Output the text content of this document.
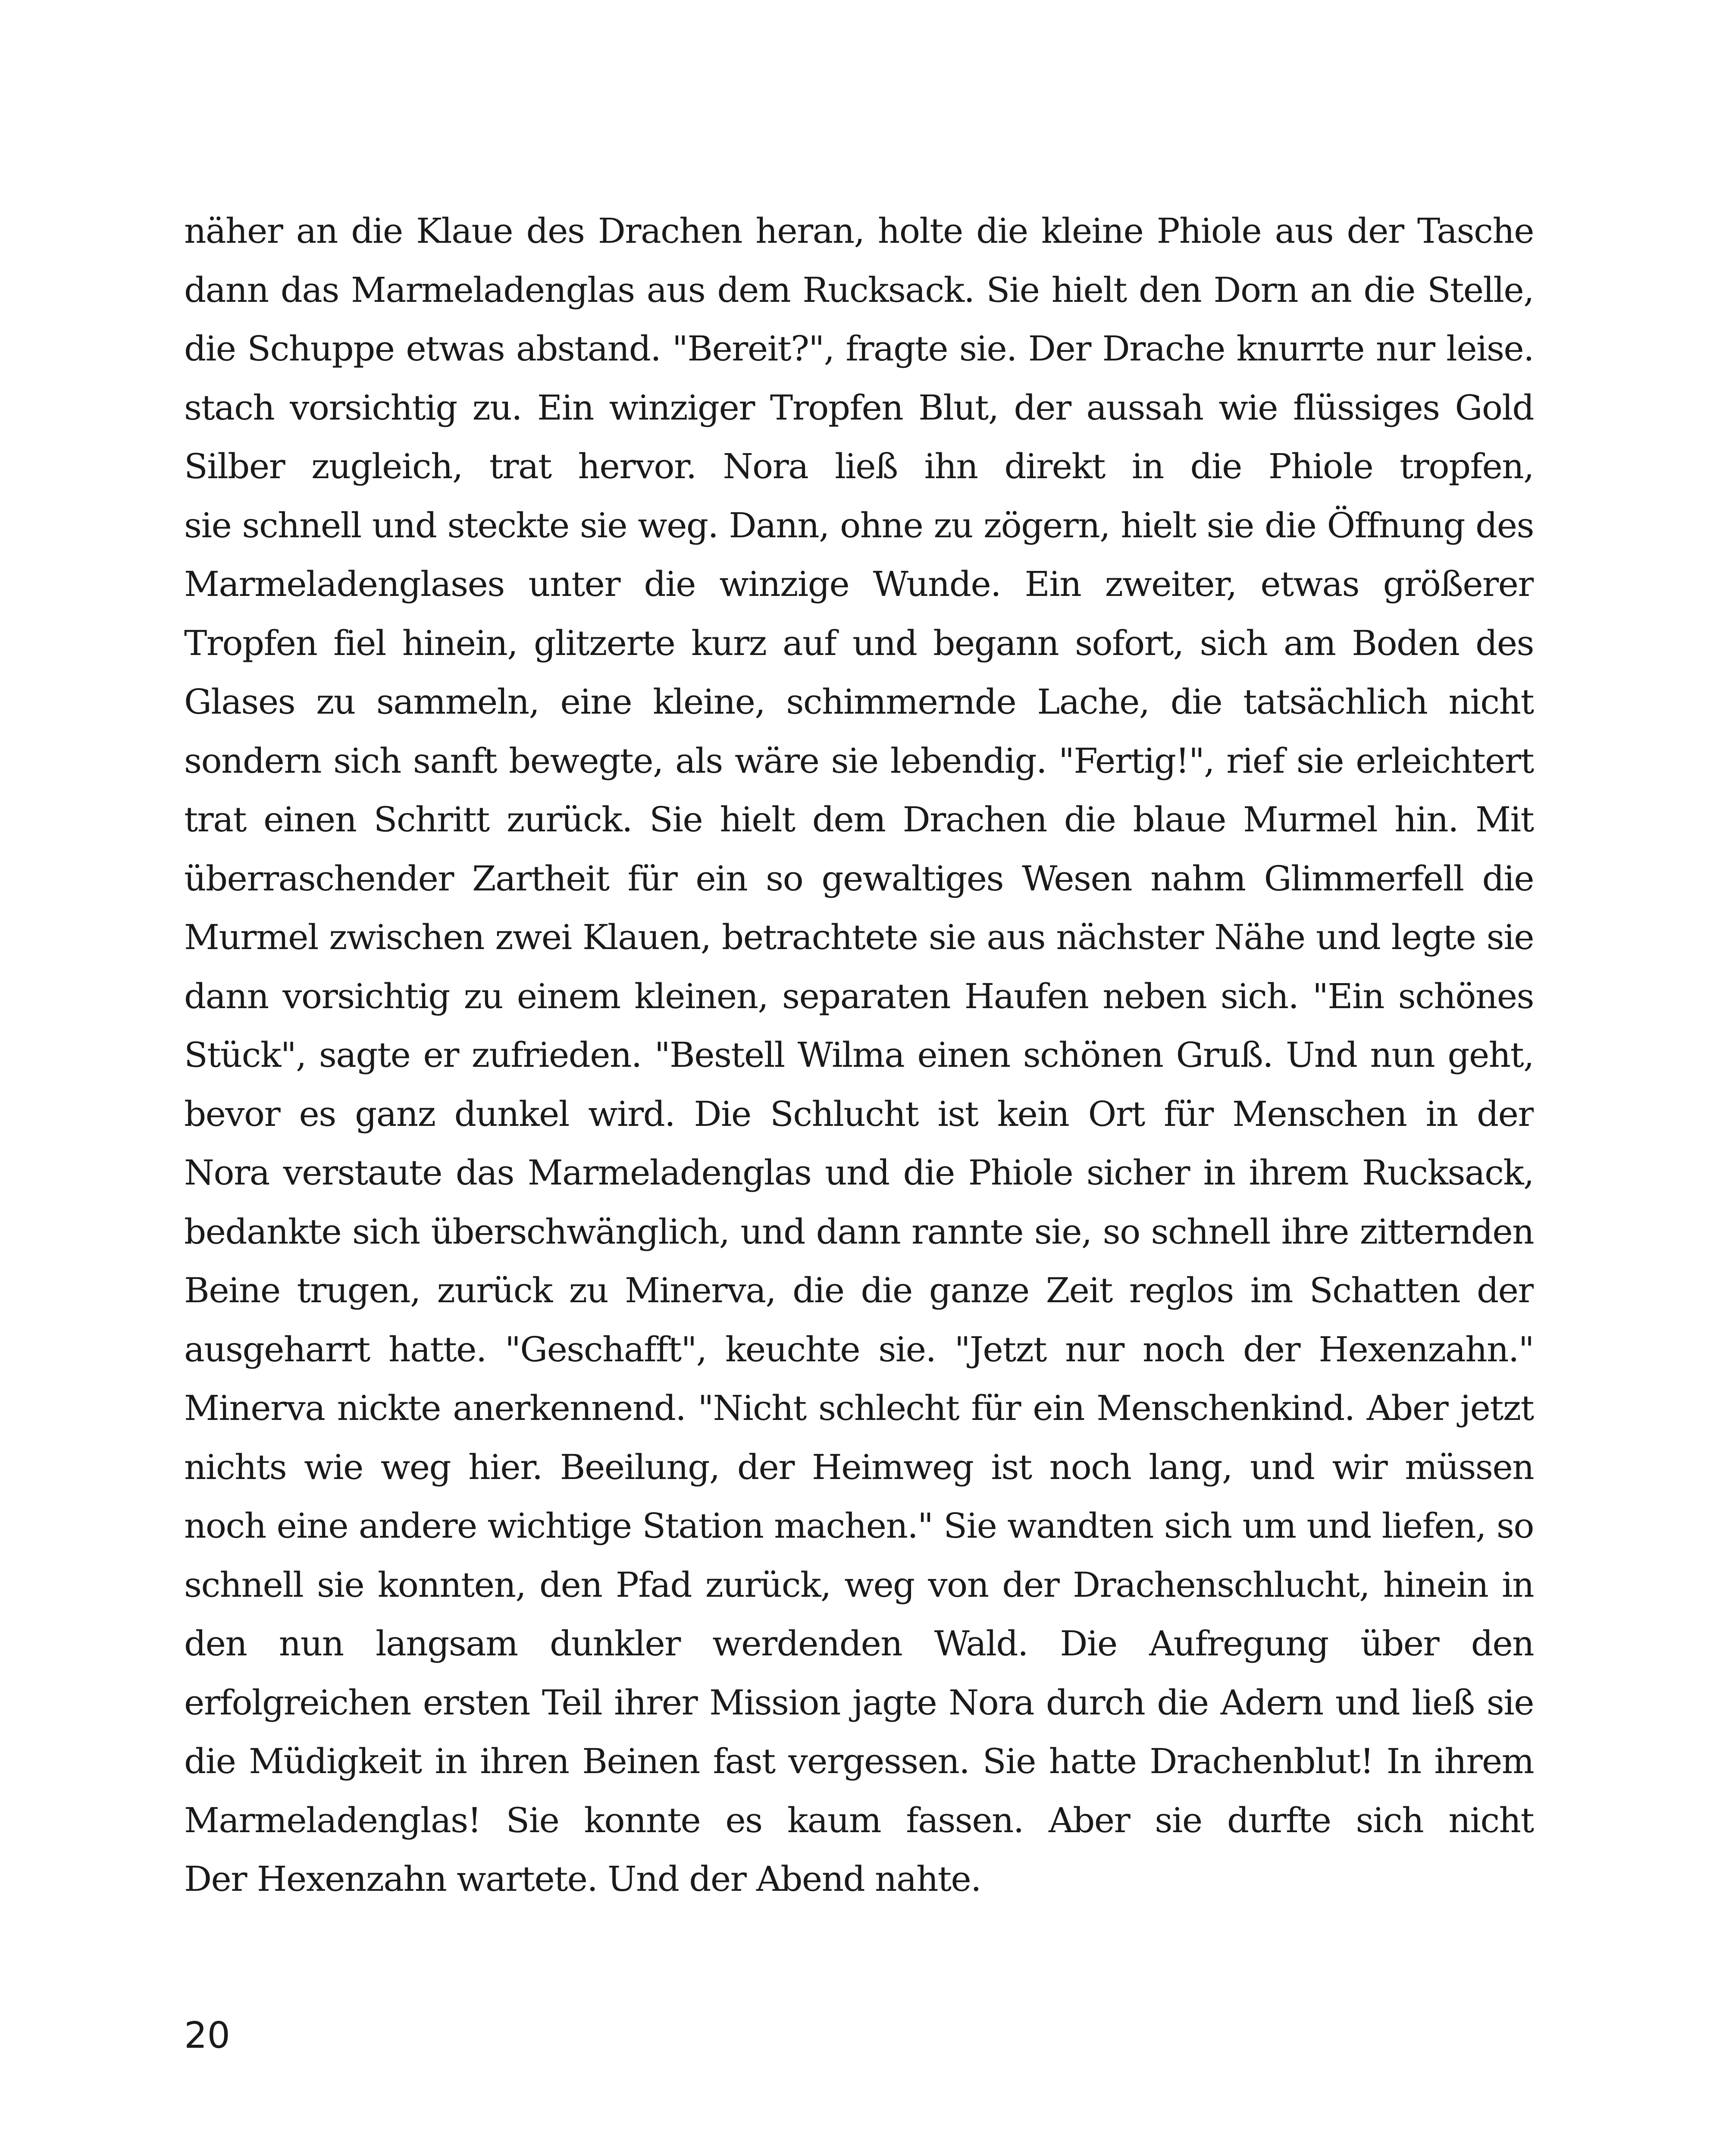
näher an die Klaue des Drachen heran, holte die kleine Phiole aus der Tasche
dann das Marmeladenglas aus dem Rucksack. Sie hielt den Dorn an die Stelle,
die Schuppe etwas abstand. "Bereit?", fragte sie. Der Drache knurrte nur leise.
stach vorsichtig zu. Ein winziger Tropfen Blut, der aussah wie flüssiges Gold
Silber zugleich, trat hervor. Nora ließ ihn direkt in die Phiole tropfen,
sie schnell und steckte sie weg. Dann, ohne zu zögern, hielt sie die Öffnung des
Marmeladenglases unter die winzige Wunde. Ein zweiter, etwas größerer
Tropfen fiel hinein, glitzerte kurz auf und begann sofort, sich am Boden des
Glases zu sammeln, eine kleine, schimmernde Lache, die tatsächlich nicht
sondern sich sanft bewegte, als wäre sie lebendig. "Fertig!", rief sie erleichtert
trat einen Schritt zurück. Sie hielt dem Drachen die blaue Murmel hin. Mit
überraschender Zartheit für ein so gewaltiges Wesen nahm Glimmerfell die
Murmel zwischen zwei Klauen, betrachtete sie aus nächster Nähe und legte sie
dann vorsichtig zu einem kleinen, separaten Haufen neben sich. "Ein schönes
Stück", sagte er zufrieden. "Bestell Wilma einen schönen Gruß. Und nun geht,
bevor es ganz dunkel wird. Die Schlucht ist kein Ort für Menschen in der
Nora verstaute das Marmeladenglas und die Phiole sicher in ihrem Rucksack,
bedankte sich überschwänglich, und dann rannte sie, so schnell ihre zitternden
Beine trugen, zurück zu Minerva, die die ganze Zeit reglos im Schatten der
ausgeharrt hatte. "Geschafft", keuchte sie. "Jetzt nur noch der Hexenzahn."
Minerva nickte anerkennend. "Nicht schlecht für ein Menschenkind. Aber jetzt
nichts wie weg hier. Beeilung, der Heimweg ist noch lang, und wir müssen
noch eine andere wichtige Station machen." Sie wandten sich um und liefen, so
schnell sie konnten, den Pfad zurück, weg von der Drachenschlucht, hinein in
den nun langsam dunkler werdenden Wald. Die Aufregung über den
erfolgreichen ersten Teil ihrer Mission jagte Nora durch die Adern und ließ sie
die Müdigkeit in ihren Beinen fast vergessen. Sie hatte Drachenblut! In ihrem
Marmeladenglas! Sie konnte es kaum fassen. Aber sie durfte sich nicht
Der Hexenzahn wartete. Und der Abend nahte.
20
